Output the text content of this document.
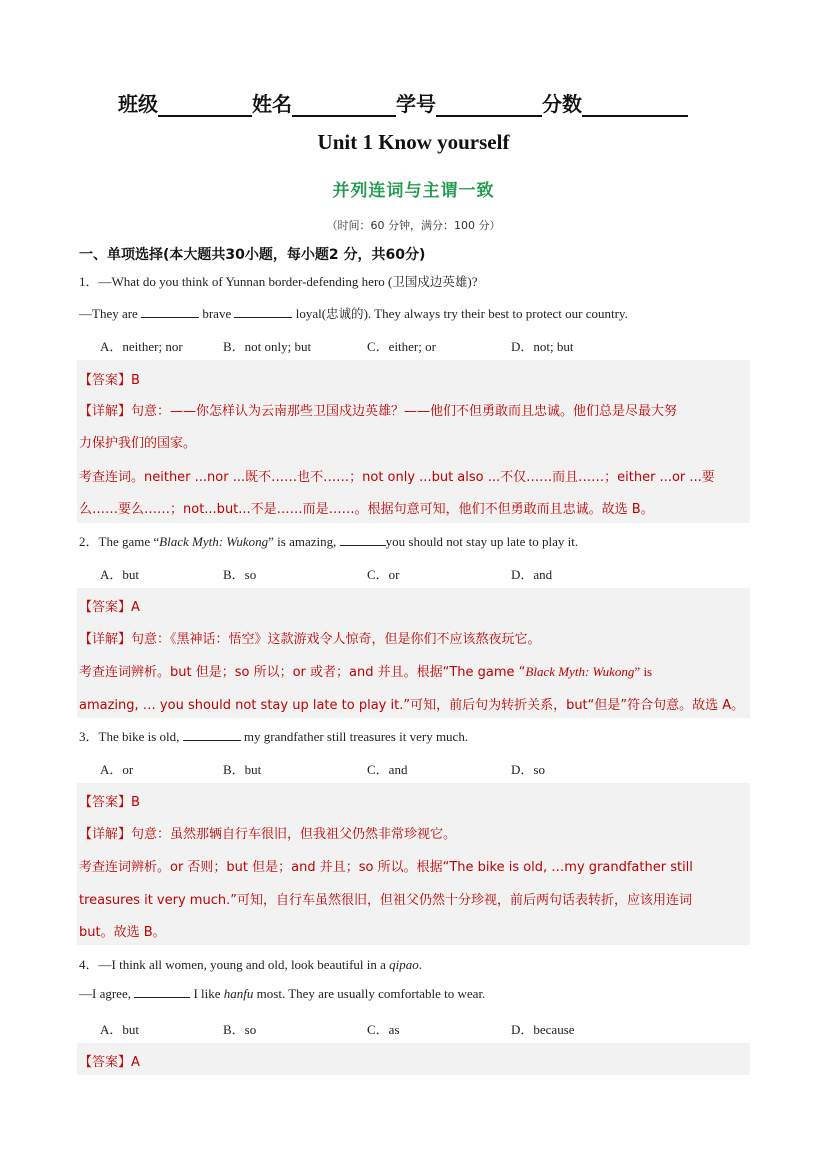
班级	姓名	学号	分数
Unit 1 Know yourself
并列连词与主谓一致
（时间：60 分钟，满分：100 分）
一、单项选择(本大题共30小题，每小题2 分，共60分)
1．—What do you think of Yunnan border-defending hero (卫国戍边英雄)?
—They are	brave	loyal(忠诚的). They always try their best to protect our country.
A．neither; nor	B．not only; but	C．either; or	D．not; but
【答案】B
【详解】句意：——你怎样认为云南那些卫国戍边英雄？——他们不但勇敢而且忠诚。他们总是尽最大努
力保护我们的国家。
考查连词。neither ...nor ...既不……也不……；not only ...but also ...不仅……而且……；either ...or ...要
么……要么……；not...but...不是……而是……。根据句意可知，他们不但勇敢而且忠诚。故选 B。
2．The game “Black Myth: Wukong” is amazing,	you should not stay up late to play it.
A．but	B．so	C．or	D．and
【答案】A
【详解】句意：《黑神话：悟空》这款游戏令人惊奇，但是你们不应该熬夜玩它。
考查连词辨析。but 但是；so 所以；or 或者；and 并且。根据“The game “Black Myth: Wukong” is
amazing, … you should not stay up late to play it.”可知，前后句为转折关系，but“但是”符合句意。故选 A。
3．The bike is old,	my grandfather still treasures it very much.
A．or	B．but	C．and	D．so
【答案】B
【详解】句意：虽然那辆自行车很旧，但我祖父仍然非常珍视它。
考查连词辨析。or 否则；but 但是；and 并且；so 所以。根据“The bike is old, …my grandfather still
treasures it very much.”可知，自行车虽然很旧，但祖父仍然十分珍视，前后两句话表转折，应该用连词
but。故选 B。
4．—I think all women, young and old, look beautiful in a qipao.
—I agree,	I like hanfu most. They are usually comfortable to wear.
A．but	B．so	C．as	D．because
【答案】A
